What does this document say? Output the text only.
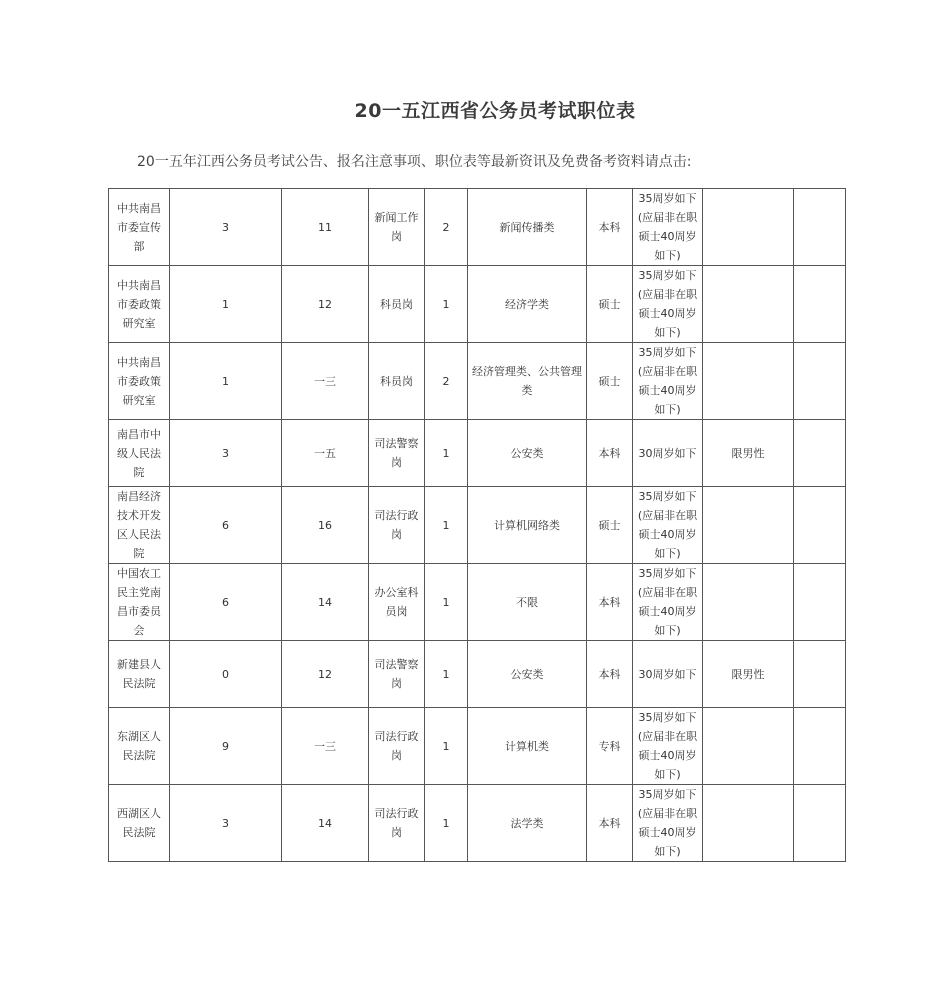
20一五江西省公务员考试职位表
20一五年江西公务员考试公告、报名注意事项、职位表等最新资讯及免费备考资料请点击:
中共南昌市委宣传部	3	11	新闻工作岗	2	新闻传播类	本科	35周岁如下(应届非在职硕士40周岁如下)		
中共南昌市委政策研究室	1	12	科员岗	1	经济学类	硕士	35周岁如下(应届非在职硕士40周岁如下)		
中共南昌市委政策研究室	1	一三	科员岗	2	经济管理类、公共管理类	硕士	35周岁如下(应届非在职硕士40周岁如下)		
南昌市中级人民法院	3	一五	司法警察岗	1	公安类	本科	30周岁如下	限男性	
南昌经济技术开发区人民法院	6	16	司法行政岗	1	计算机网络类	硕士	35周岁如下(应届非在职硕士40周岁如下)		
中国农工民主党南昌市委员会	6	14	办公室科员岗	1	不限	本科	35周岁如下(应届非在职硕士40周岁如下)		
新建县人民法院	0	12	司法警察岗	1	公安类	本科	30周岁如下	限男性	
东湖区人民法院	9	一三	司法行政岗	1	计算机类	专科	35周岁如下(应届非在职硕士40周岁如下)		
西湖区人民法院	3	14	司法行政岗	1	法学类	本科	35周岁如下(应届非在职硕士40周岁如下)		
